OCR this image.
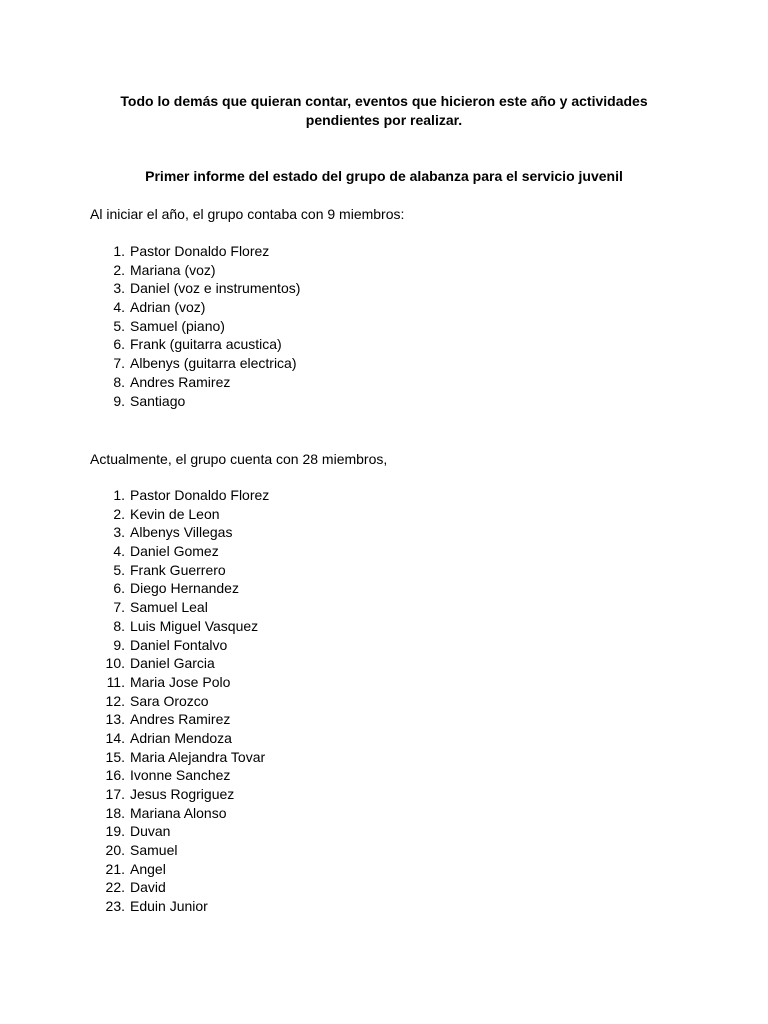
Todo lo demás que quieran contar, eventos que hicieron este año y actividades pendientes por realizar.

Primer informe del estado del grupo de alabanza para el servicio juvenil

Al iniciar el año, el grupo contaba con 9 miembros:

1. Pastor Donaldo Florez
2. Mariana (voz)
3. Daniel (voz e instrumentos)
4. Adrian (voz)
5. Samuel (piano)
6. Frank (guitarra acustica)
7. Albenys (guitarra electrica)
8. Andres Ramirez
9. Santiago

Actualmente, el grupo cuenta con 28 miembros,

1. Pastor Donaldo Florez
2. Kevin de Leon
3. Albenys Villegas
4. Daniel Gomez
5. Frank Guerrero
6. Diego Hernandez
7. Samuel Leal
8. Luis Miguel Vasquez
9. Daniel Fontalvo
10. Daniel Garcia
11. Maria Jose Polo
12. Sara Orozco
13. Andres Ramirez
14. Adrian Mendoza
15. Maria Alejandra Tovar
16. Ivonne Sanchez
17. Jesus Rogriguez
18. Mariana Alonso
19. Duvan
20. Samuel
21. Angel
22. David
23. Eduin Junior
